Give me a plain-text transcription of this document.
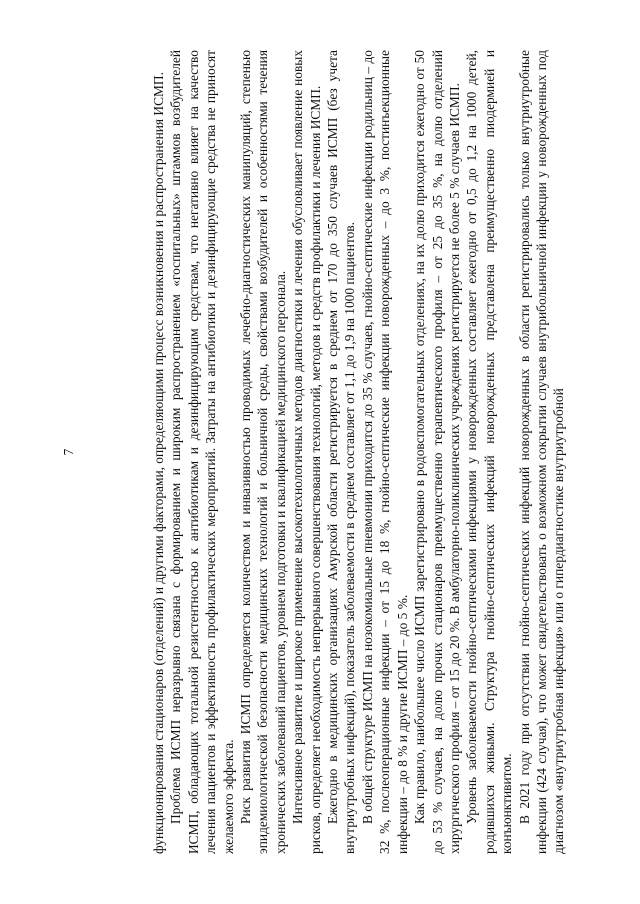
7	функционирования стационаров (отделений) и другими факторами, определяющими процесс возникновения и распространения ИСМП. Проблема ИСМП неразрывно связана с формированием и широким распространением «госпитальных» штаммов возбудителей ИСМП, обладающих тотальной резистентностью к антибиотикам и дезинфицирующим средствам, что негативно влияет на качество лечения пациентов и эффективность профилактических мероприятий. Затраты на антибиотики и дезинфицирующие средства не приносят желаемого эффекта. Риск развития ИСМП определяется количеством и инвазивностью проводимых лечебно-диагностических манипуляций, степенью эпидемиологической безопасности медицинских технологий и больничной среды, свойствами возбудителей и особенностями течения хронических заболеваний пациентов, уровнем подготовки и квалификацией медицинского персонала. Интенсивное развитие и широкое применение высокотехнологичных методов диагностики и лечения обусловливает появление новых рисков, определяет необходимость непрерывного совершенствования технологий, методов и средств профилактики и лечения ИСМП. Ежегодно в медицинских организациях Амурской области регистрируется в среднем от 170 до 350 случаев ИСМП (без учета внутриутробных инфекций), показатель заболеваемости в среднем составляет от 1,1 до 1,9 на 1000 пациентов. В общей структуре ИСМП на нозокомиальные пневмонии приходится до 35 % случаев, гнойно-септические инфекции родильниц – до 32 %, послеоперационные инфекции – от 15 до 18 %, гнойно-септические инфекции новорожденных – до 3 %, постинъекционные инфекции – до 8 % и другие ИСМП – до 5 %. Как правило, наибольшее число ИСМП зарегистрировано в родовспомогательных отделениях, на их долю приходится ежегодно от 50 до 53 % случаев, на долю прочих стационаров преимущественно терапевтического профиля – от 25 до 35 %, на долю отделений хирургического профиля – от 15 до 20 %. В амбулаторно-поликлинических учреждениях регистрируется не более 5 % случаев ИСМП. Уровень заболеваемости гнойно-септическими инфекциями у новорожденных составляет ежегодно от 0,5 до 1,2 на 1000 детей, родившихся живыми. Структура гнойно-септических инфекций новорожденных представлена преимущественно пиодермией и конъюнктивитом. В 2021 году при отсутствии гнойно-септических инфекций новорожденных в области регистрировались только внутриутробные инфекции (424 случая), что может свидетельствовать о возможном сокрытии случаев внутрибольничной инфекции у новорожденных под диагнозом «внутриутробная инфекция» или о гипердиагностике внутриутробной
